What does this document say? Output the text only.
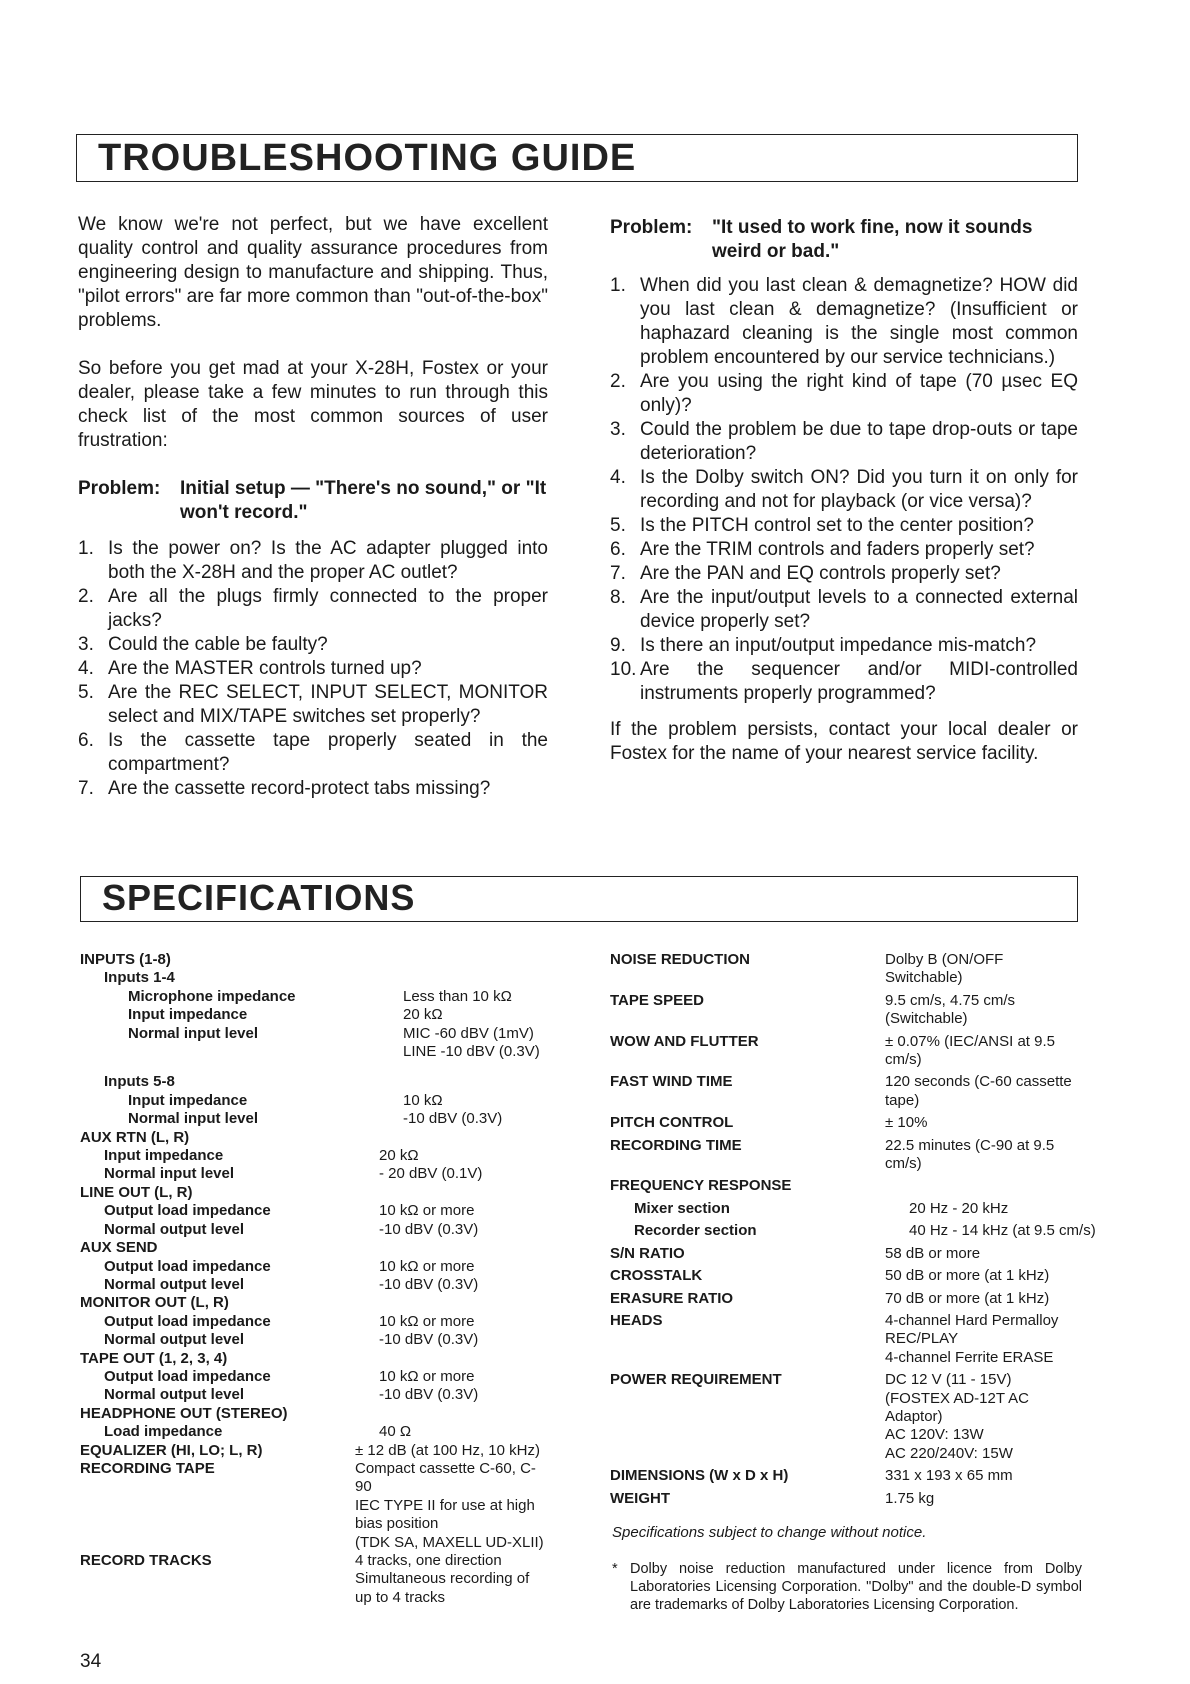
TROUBLESHOOTING GUIDE

We know we're not perfect, but we have excellent quality control and quality assurance procedures from engineering design to manufacture and shipping. Thus, "pilot errors" are far more common than "out-of-the-box" problems.

So before you get mad at your X-28H, Fostex or your dealer, please take a few minutes to run through this check list of the most common sources of user frustration:

Problem:	Initial setup — "There's no sound," or "It won't record."
1. Is the power on? Is the AC adapter plugged into both the X-28H and the proper AC outlet?
2. Are all the plugs firmly connected to the proper jacks?
3. Could the cable be faulty?
4. Are the MASTER controls turned up?
5. Are the REC SELECT, INPUT SELECT, MONITOR select and MIX/TAPE switches set properly?
6. Is the cassette tape properly seated in the compartment?
7. Are the cassette record-protect tabs missing?
Problem:	"It used to work fine, now it sounds weird or bad."
1. When did you last clean & demagnetize? HOW did you last clean & demagnetize? (Insufficient or haphazard cleaning is the single most common problem encountered by our service technicians.)
2. Are you using the right kind of tape (70 µsec EQ only)?
3. Could the problem be due to tape drop-outs or tape deterioration?
4. Is the Dolby switch ON? Did you turn it on only for recording and not for playback (or vice versa)?
5. Is the PITCH control set to the center position?
6. Are the TRIM controls and faders properly set?
7. Are the PAN and EQ controls properly set?
8. Are the input/output levels to a connected external device properly set?
9. Is there an input/output impedance mis-match?
10. Are the sequencer and/or MIDI-controlled instruments properly programmed?

If the problem persists, contact your local dealer or Fostex for the name of your nearest service facility.

SPECIFICATIONS
INPUTS (1-8)
Inputs 1-4
Microphone impedance	Less than 10 kΩ
Input impedance	20 kΩ
Normal input level	MIC -60 dBV (1mV)
LINE -10 dBV (0.3V)
Inputs 5-8
Input impedance	10 kΩ
Normal input level	-10 dBV (0.3V)
AUX RTN (L, R)
Input impedance	20 kΩ
Normal input level	- 20 dBV (0.1V)
LINE OUT (L, R)
Output load impedance	10 kΩ or more
Normal output level	-10 dBV (0.3V)
AUX SEND
Output load impedance	10 kΩ or more
Normal output level	-10 dBV (0.3V)
MONITOR OUT (L, R)
Output load impedance	10 kΩ or more
Normal output level	-10 dBV (0.3V)
TAPE OUT (1, 2, 3, 4)
Output load impedance	10 kΩ or more
Normal output level	-10 dBV (0.3V)
HEADPHONE OUT (STEREO)
Load impedance	40 Ω
EQUALIZER (HI, LO; L, R)	± 12 dB (at 100 Hz, 10 kHz)
RECORDING TAPE	Compact cassette C-60, C-90
IEC TYPE II for use at high bias position
(TDK SA, MAXELL UD-XLII)
RECORD TRACKS	4 tracks, one direction
Simultaneous recording of up to 4 tracks
NOISE REDUCTION	Dolby B (ON/OFF Switchable)
TAPE SPEED	9.5 cm/s, 4.75 cm/s (Switchable)
WOW AND FLUTTER	± 0.07% (IEC/ANSI at 9.5 cm/s)
FAST WIND TIME	120 seconds (C-60 cassette tape)
PITCH CONTROL	± 10%
RECORDING TIME	22.5 minutes (C-90 at 9.5 cm/s)
FREQUENCY RESPONSE
Mixer section	20 Hz - 20 kHz
Recorder section	40 Hz - 14 kHz (at 9.5 cm/s)
S/N RATIO	58 dB or more
CROSSTALK	50 dB or more (at 1 kHz)
ERASURE RATIO	70 dB or more (at 1 kHz)
HEADS	4-channel Hard Permalloy REC/PLAY
4-channel Ferrite ERASE
POWER REQUIREMENT	DC 12 V (11 - 15V)
(FOSTEX AD-12T AC Adaptor)
AC 120V: 13W
AC 220/240V: 15W
DIMENSIONS (W x D x H)	331 x 193 x 65 mm
WEIGHT	1.75 kg
Specifications subject to change without notice.
* Dolby noise reduction manufactured under licence from Dolby Laboratories Licensing Corporation. "Dolby" and the double-D symbol are trademarks of Dolby Laboratories Licensing Corporation.
34
